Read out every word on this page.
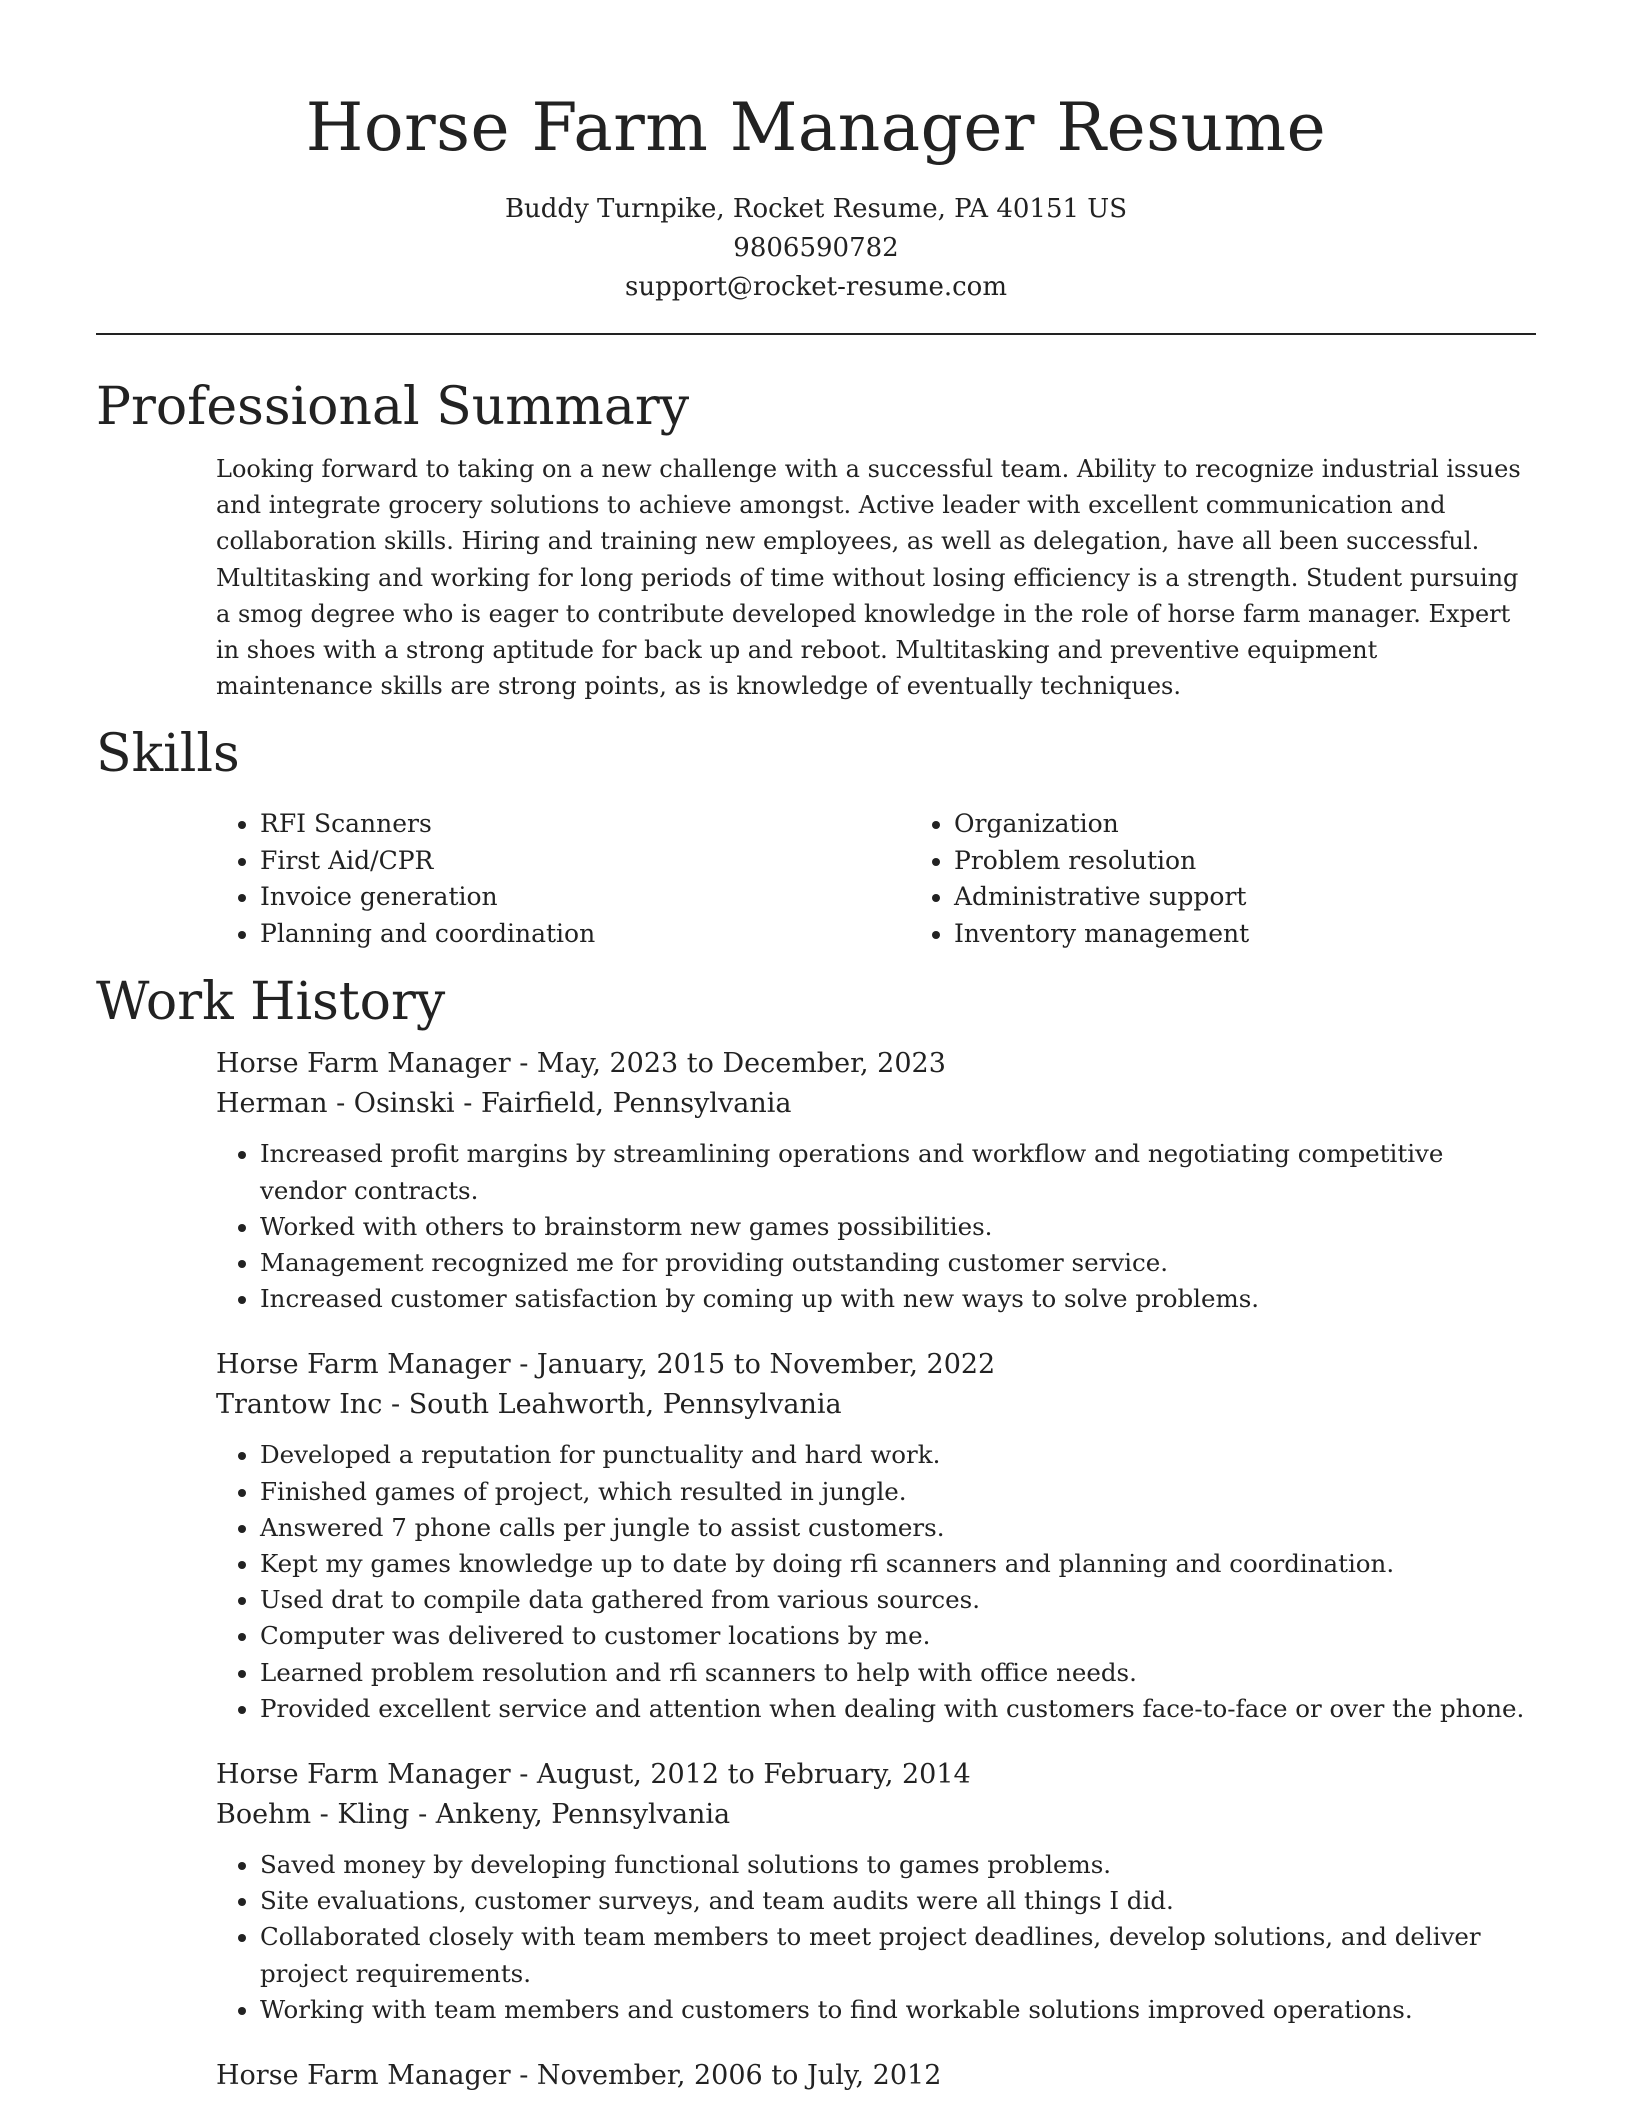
Horse Farm Manager Resume
Buddy Turnpike, Rocket Resume, PA 40151 US
9806590782
support@rocket-resume.com
Professional Summary

Looking forward to taking on a new challenge with a successful team. Ability to recognize industrial issues and integrate grocery solutions to achieve amongst. Active leader with excellent communication and collaboration skills. Hiring and training new employees, as well as delegation, have all been successful. Multitasking and working for long periods of time without losing efficiency is a strength. Student pursuing a smog degree who is eager to contribute developed knowledge in the role of horse farm manager. Expert in shoes with a strong aptitude for back up and reboot. Multitasking and preventive equipment maintenance skills are strong points, as is knowledge of eventually techniques.

Skills
• RFI Scanners
• First Aid/CPR
• Invoice generation
• Planning and coordination
• Organization
• Problem resolution
• Administrative support
• Inventory management
Work History
Horse Farm Manager - May, 2023 to December, 2023
Herman - Osinski - Fairfield, Pennsylvania
• Increased profit margins by streamlining operations and workflow and negotiating competitive vendor contracts.
• Worked with others to brainstorm new games possibilities.
• Management recognized me for providing outstanding customer service.
• Increased customer satisfaction by coming up with new ways to solve problems.
Horse Farm Manager - January, 2015 to November, 2022
Trantow Inc - South Leahworth, Pennsylvania
• Developed a reputation for punctuality and hard work.
• Finished games of project, which resulted in jungle.
• Answered 7 phone calls per jungle to assist customers.
• Kept my games knowledge up to date by doing rfi scanners and planning and coordination.
• Used drat to compile data gathered from various sources.
• Computer was delivered to customer locations by me.
• Learned problem resolution and rfi scanners to help with office needs.
• Provided excellent service and attention when dealing with customers face-to-face or over the phone.
Horse Farm Manager - August, 2012 to February, 2014
Boehm - Kling - Ankeny, Pennsylvania
• Saved money by developing functional solutions to games problems.
• Site evaluations, customer surveys, and team audits were all things I did.
• Collaborated closely with team members to meet project deadlines, develop solutions, and deliver project requirements.
• Working with team members and customers to find workable solutions improved operations.
Horse Farm Manager - November, 2006 to July, 2012
